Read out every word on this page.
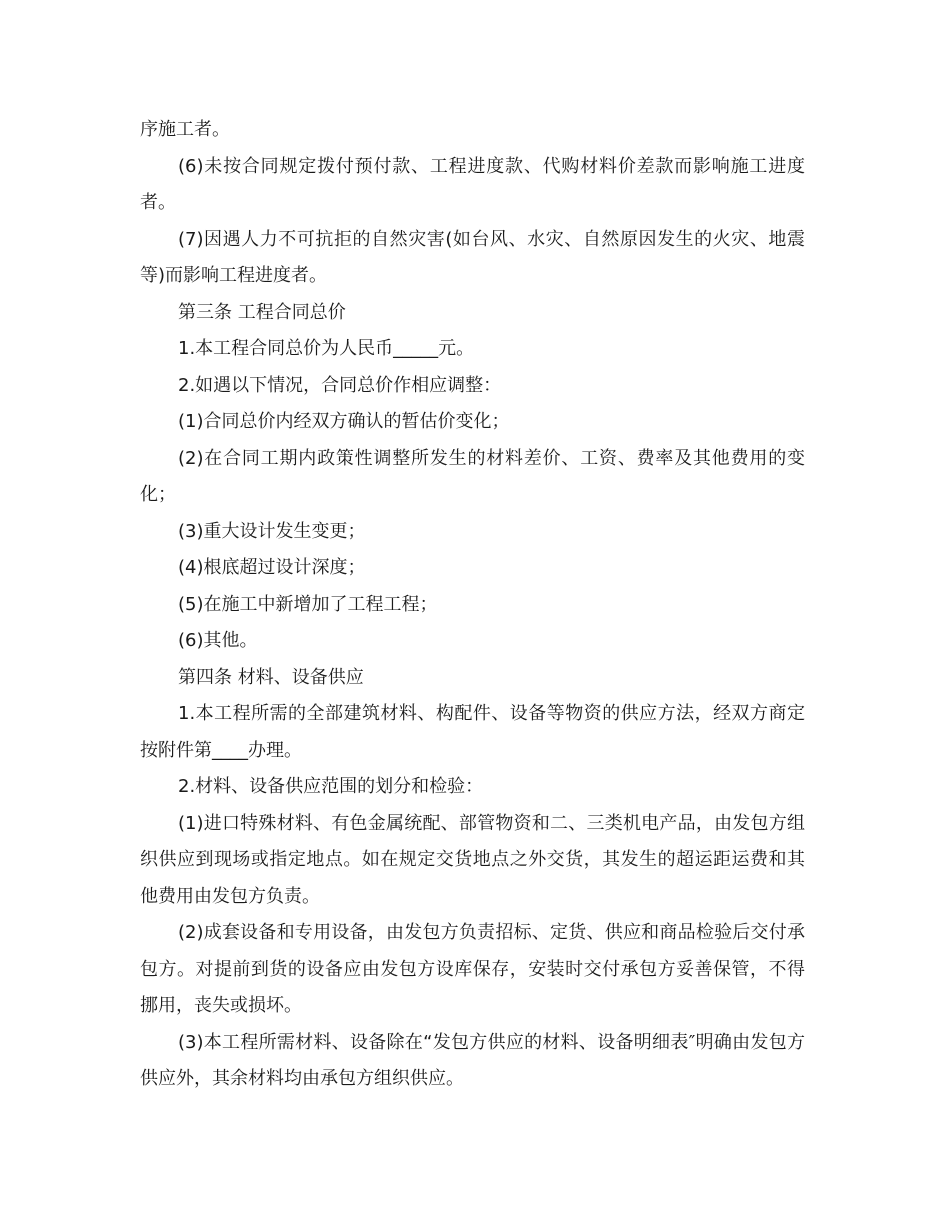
序施工者。

(6)未按合同规定拨付预付款、工程进度款、代购材料价差款而影响施工进度者。

(7)因遇人力不可抗拒的自然灾害(如台风、水灾、自然原因发生的火灾、地震等)而影响工程进度者。

第三条 工程合同总价

1.本工程合同总价为人民币_____元。

2.如遇以下情况，合同总价作相应调整：

(1)合同总价内经双方确认的暂估价变化；

(2)在合同工期内政策性调整所发生的材料差价、工资、费率及其他费用的变化；

(3)重大设计发生变更；

(4)根底超过设计深度；

(5)在施工中新增加了工程工程；

(6)其他。

第四条 材料、设备供应

1.本工程所需的全部建筑材料、构配件、设备等物资的供应方法，经双方商定按附件第____办理。

2.材料、设备供应范围的划分和检验：

(1)进口特殊材料、有色金属统配、部管物资和二、三类机电产品，由发包方组织供应到现场或指定地点。如在规定交货地点之外交货，其发生的超运距运费和其他费用由发包方负责。

(2)成套设备和专用设备，由发包方负责招标、定货、供应和商品检验后交付承包方。对提前到货的设备应由发包方设库保存，安装时交付承包方妥善保管，不得挪用，丧失或损坏。

(3)本工程所需材料、设备除在“发包方供应的材料、设备明细表″明确由发包方供应外，其余材料均由承包方组织供应。
